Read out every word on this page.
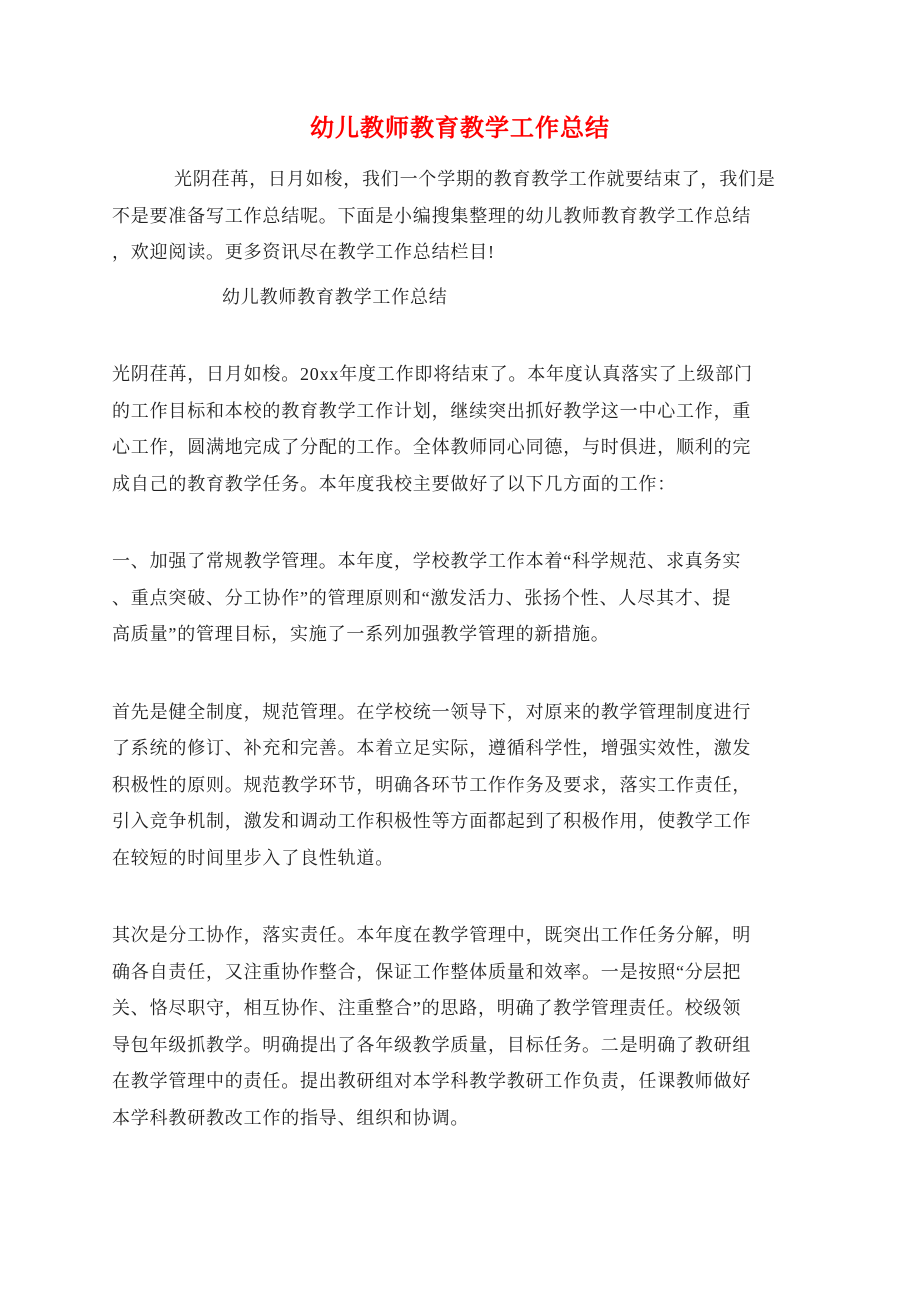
幼儿教师教育教学工作总结

光阴荏苒，日月如梭，我们一个学期的教育教学工作就要结束了，我们是
不是要准备写工作总结呢。下面是小编搜集整理的幼儿教师教育教学工作总结
，欢迎阅读。更多资讯尽在教学工作总结栏目!

幼儿教师教育教学工作总结

光阴荏苒，日月如梭。20xx年度工作即将结束了。本年度认真落实了上级部门
的工作目标和本校的教育教学工作计划，继续突出抓好教学这一中心工作，重
心工作，圆满地完成了分配的工作。全体教师同心同德，与时俱进，顺利的完
成自己的教育教学任务。本年度我校主要做好了以下几方面的工作：

一、加强了常规教学管理。本年度，学校教学工作本着“科学规范、求真务实
、重点突破、分工协作”的管理原则和“激发活力、张扬个性、人尽其才、提
高质量”的管理目标，实施了一系列加强教学管理的新措施。

首先是健全制度，规范管理。在学校统一领导下，对原来的教学管理制度进行
了系统的修订、补充和完善。本着立足实际，遵循科学性，增强实效性，激发
积极性的原则。规范教学环节，明确各环节工作作务及要求，落实工作责任，
引入竞争机制，激发和调动工作积极性等方面都起到了积极作用，使教学工作
在较短的时间里步入了良性轨道。

其次是分工协作，落实责任。本年度在教学管理中，既突出工作任务分解，明
确各自责任，又注重协作整合，保证工作整体质量和效率。一是按照“分层把
关、恪尽职守，相互协作、注重整合”的思路，明确了教学管理责任。校级领
导包年级抓教学。明确提出了各年级教学质量，目标任务。二是明确了教研组
在教学管理中的责任。提出教研组对本学科教学教研工作负责，任课教师做好
本学科教研教改工作的指导、组织和协调。
